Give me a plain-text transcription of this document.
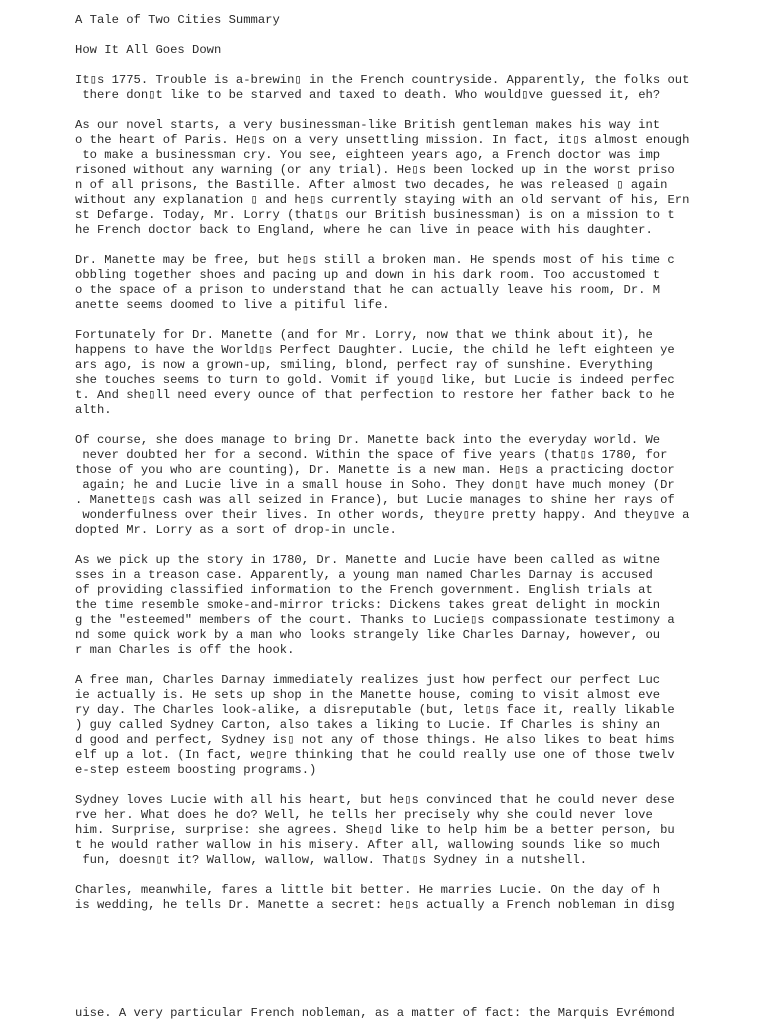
A Tale of Two Cities Summary
How It All Goes Down
It▯s 1775. Trouble is a-brewin▯ in the French countryside. Apparently, the folks out
there don▯t like to be starved and taxed to death. Who would▯ve guessed it, eh?
As our novel starts, a very businessman-like British gentleman makes his way int
o the heart of Paris. He▯s on a very unsettling mission. In fact, it▯s almost enough
to make a businessman cry. You see, eighteen years ago, a French doctor was imp
risoned without any warning (or any trial). He▯s been locked up in the worst priso
n of all prisons, the Bastille. After almost two decades, he was released ▯ again
without any explanation ▯ and he▯s currently staying with an old servant of his, Ern
st Defarge. Today, Mr. Lorry (that▯s our British businessman) is on a mission to t
he French doctor back to England, where he can live in peace with his daughter.
Dr. Manette may be free, but he▯s still a broken man. He spends most of his time c
obbling together shoes and pacing up and down in his dark room. Too accustomed t
o the space of a prison to understand that he can actually leave his room, Dr. M
anette seems doomed to live a pitiful life.
Fortunately for Dr. Manette (and for Mr. Lorry, now that we think about it), he
happens to have the World▯s Perfect Daughter. Lucie, the child he left eighteen ye
ars ago, is now a grown-up, smiling, blond, perfect ray of sunshine. Everything
she touches seems to turn to gold. Vomit if you▯d like, but Lucie is indeed perfec
t. And she▯ll need every ounce of that perfection to restore her father back to he
alth.
Of course, she does manage to bring Dr. Manette back into the everyday world. We
never doubted her for a second. Within the space of five years (that▯s 1780, for
those of you who are counting), Dr. Manette is a new man. He▯s a practicing doctor
again; he and Lucie live in a small house in Soho. They don▯t have much money (Dr
. Manette▯s cash was all seized in France), but Lucie manages to shine her rays of
wonderfulness over their lives. In other words, they▯re pretty happy. And they▯ve a
dopted Mr. Lorry as a sort of drop-in uncle.
As we pick up the story in 1780, Dr. Manette and Lucie have been called as witne
sses in a treason case. Apparently, a young man named Charles Darnay is accused
of providing classified information to the French government. English trials at
the time resemble smoke-and-mirror tricks: Dickens takes great delight in mockin
g the "esteemed" members of the court. Thanks to Lucie▯s compassionate testimony a
nd some quick work by a man who looks strangely like Charles Darnay, however, ou
r man Charles is off the hook.
A free man, Charles Darnay immediately realizes just how perfect our perfect Luc
ie actually is. He sets up shop in the Manette house, coming to visit almost eve
ry day. The Charles look-alike, a disreputable (but, let▯s face it, really likable
) guy called Sydney Carton, also takes a liking to Lucie. If Charles is shiny an
d good and perfect, Sydney is▯ not any of those things. He also likes to beat hims
elf up a lot. (In fact, we▯re thinking that he could really use one of those twelv
e-step esteem boosting programs.)
Sydney loves Lucie with all his heart, but he▯s convinced that he could never dese
rve her. What does he do? Well, he tells her precisely why she could never love
him. Surprise, surprise: she agrees. She▯d like to help him be a better person, bu
t he would rather wallow in his misery. After all, wallowing sounds like so much
fun, doesn▯t it? Wallow, wallow, wallow. That▯s Sydney in a nutshell.
Charles, meanwhile, fares a little bit better. He marries Lucie. On the day of h
is wedding, he tells Dr. Manette a secret: he▯s actually a French nobleman in disg
uise. A very particular French nobleman, as a matter of fact: the Marquis Evrémond
